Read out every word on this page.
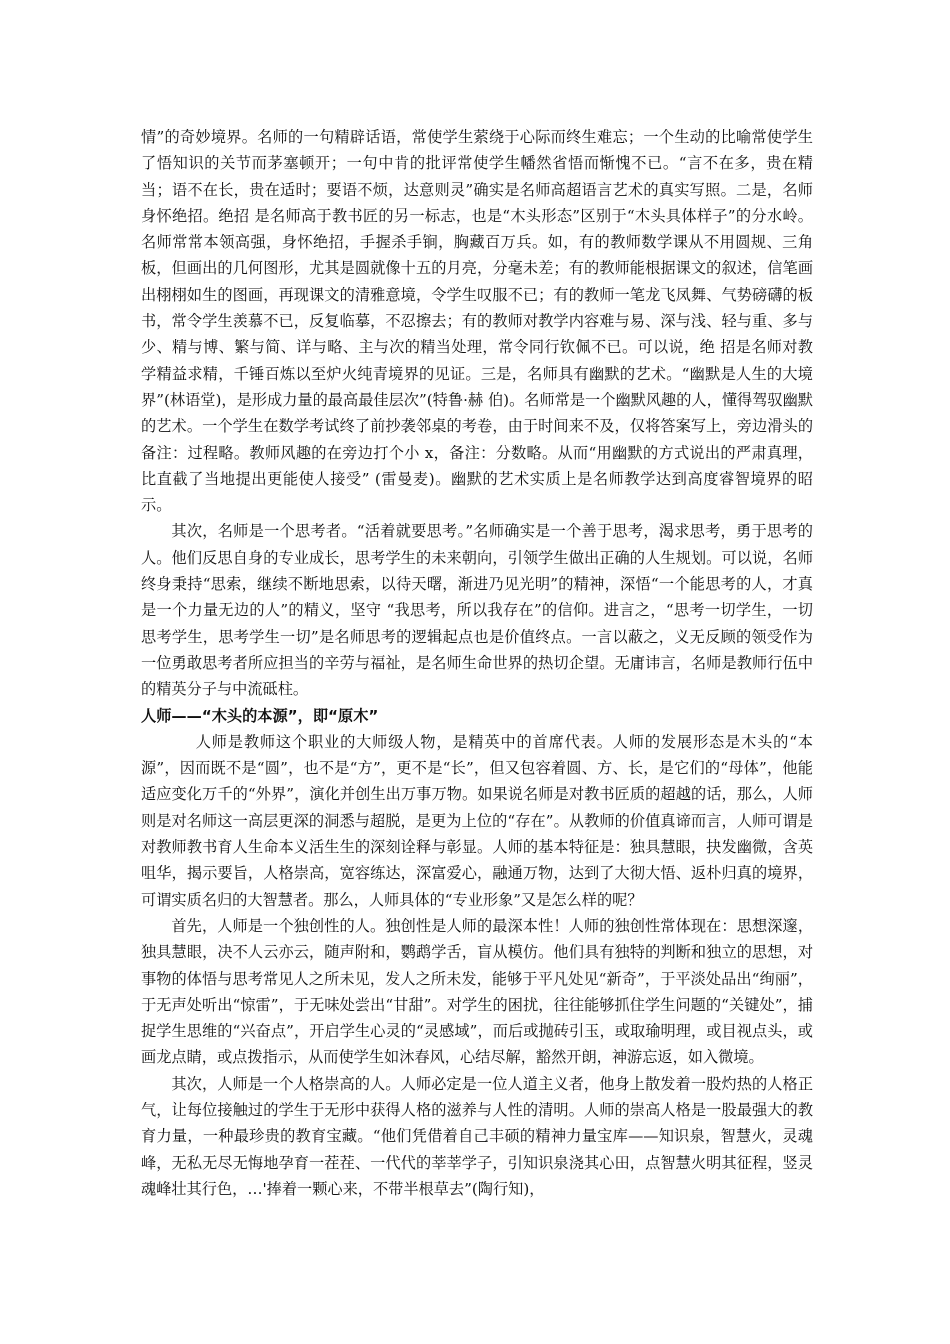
情”的奇妙境界。名师的一句精辟话语，常使学生萦绕于心际而终生难忘；一个生动的比喻常使学生了悟知识的关节而茅塞顿开；一句中肯的批评常使学生幡然省悟而惭愧不已。“言不在多，贵在精当；语不在长，贵在适时；要语不烦，达意则灵”确实是名师高超语言艺术的真实写照。二是，名师身怀绝招。绝招 是名师高于教书匠的另一标志，也是“木头形态”区别于“木头具体样子”的分水岭。名师常常本领高强，身怀绝招，手握杀手锏，胸藏百万兵。如，有的教师数学课从不用圆规、三角板，但画出的几何图形，尤其是圆就像十五的月亮，分毫未差；有的教师能根据课文的叙述，信笔画出栩栩如生的图画，再现课文的清雅意境，令学生叹服不已；有的教师一笔龙飞凤舞、气势磅礴的板书，常令学生羡慕不已，反复临摹，不忍擦去；有的教师对教学内容难与易、深与浅、轻与重、多与少、精与博、繁与简、详与略、主与次的精当处理，常令同行钦佩不已。可以说，绝 招是名师对教学精益求精，千锤百炼以至炉火纯青境界的见证。三是，名师具有幽默的艺术。“幽默是人生的大境界”(林语堂)，是形成力量的最高最佳层次”(特鲁·赫 伯)。名师常是一个幽默风趣的人，懂得驾驭幽默的艺术。一个学生在数学考试终了前抄袭邻桌的考卷，由于时间来不及，仅将答案写上，旁边滑头的备注：过程略。教师风趣的在旁边打个小 x，备注：分数略。从而“用幽默的方式说出的严肃真理，比直截了当地提出更能使人接受” (雷曼麦)。幽默的艺术实质上是名师教学达到高度睿智境界的昭示。

其次，名师是一个思考者。“活着就要思考。”名师确实是一个善于思考，渴求思考，勇于思考的人。他们反思自身的专业成长，思考学生的未来朝向，引领学生做出正确的人生规划。可以说，名师终身秉持“思索，继续不断地思索，以待天曙，渐进乃见光明”的精神，深悟“一个能思考的人，才真是一个力量无边的人”的精义，坚守 “我思考，所以我存在”的信仰。进言之，“思考一切学生，一切思考学生，思考学生一切”是名师思考的逻辑起点也是价值终点。一言以蔽之，义无反顾的领受作为一位勇敢思考者所应担当的辛劳与福祉，是名师生命世界的热切企望。无庸讳言，名师是教师行伍中的精英分子与中流砥柱。

人师——“木头的本源”，即“原木”

人师是教师这个职业的大师级人物，是精英中的首席代表。人师的发展形态是木头的“本源”，因而既不是“圆”，也不是“方”，更不是“长”，但又包容着圆、方、长，是它们的“母体”，他能适应变化万千的“外界”，演化并创生出万事万物。如果说名师是对教书匠质的超越的话，那么，人师则是对名师这一高层更深的洞悉与超脱，是更为上位的“存在”。从教师的价值真谛而言，人师可谓是对教师教书育人生命本义活生生的深刻诠释与彰显。人师的基本特征是：独具慧眼，抉发幽微，含英咀华，揭示要旨，人格崇高，宽容练达，深富爱心，融通万物，达到了大彻大悟、返朴归真的境界，可谓实质名归的大智慧者。那么，人师具体的“专业形象”又是怎么样的呢？

首先，人师是一个独创性的人。独创性是人师的最深本性！人师的独创性常体现在：思想深邃，独具慧眼，决不人云亦云，随声附和，鹦鹉学舌，盲从模仿。他们具有独特的判断和独立的思想，对事物的体悟与思考常见人之所未见，发人之所未发，能够于平凡处见“新奇”，于平淡处品出“绚丽”，于无声处听出“惊雷”，于无味处尝出“甘甜”。对学生的困扰，往往能够抓住学生问题的“关键处”，捕捉学生思维的“兴奋点”，开启学生心灵的“灵感域”，而后或抛砖引玉，或取瑜明理，或目视点头，或画龙点睛，或点拨指示，从而使学生如沐春风，心结尽解，豁然开朗，神游忘返，如入微境。

其次，人师是一个人格崇高的人。人师必定是一位人道主义者，他身上散发着一股灼热的人格正气，让每位接触过的学生于无形中获得人格的滋养与人性的清明。人师的崇高人格是一股最强大的教育力量，一种最珍贵的教育宝藏。“他们凭借着自己丰硕的精神力量宝库——知识泉，智慧火，灵魂峰，无私无尽无悔地孕育一茬茬、一代代的莘莘学子，引知识泉浇其心田，点智慧火明其征程，竖灵魂峰壮其行色，…'捧着一颗心来，不带半根草去”(陶行知)，
